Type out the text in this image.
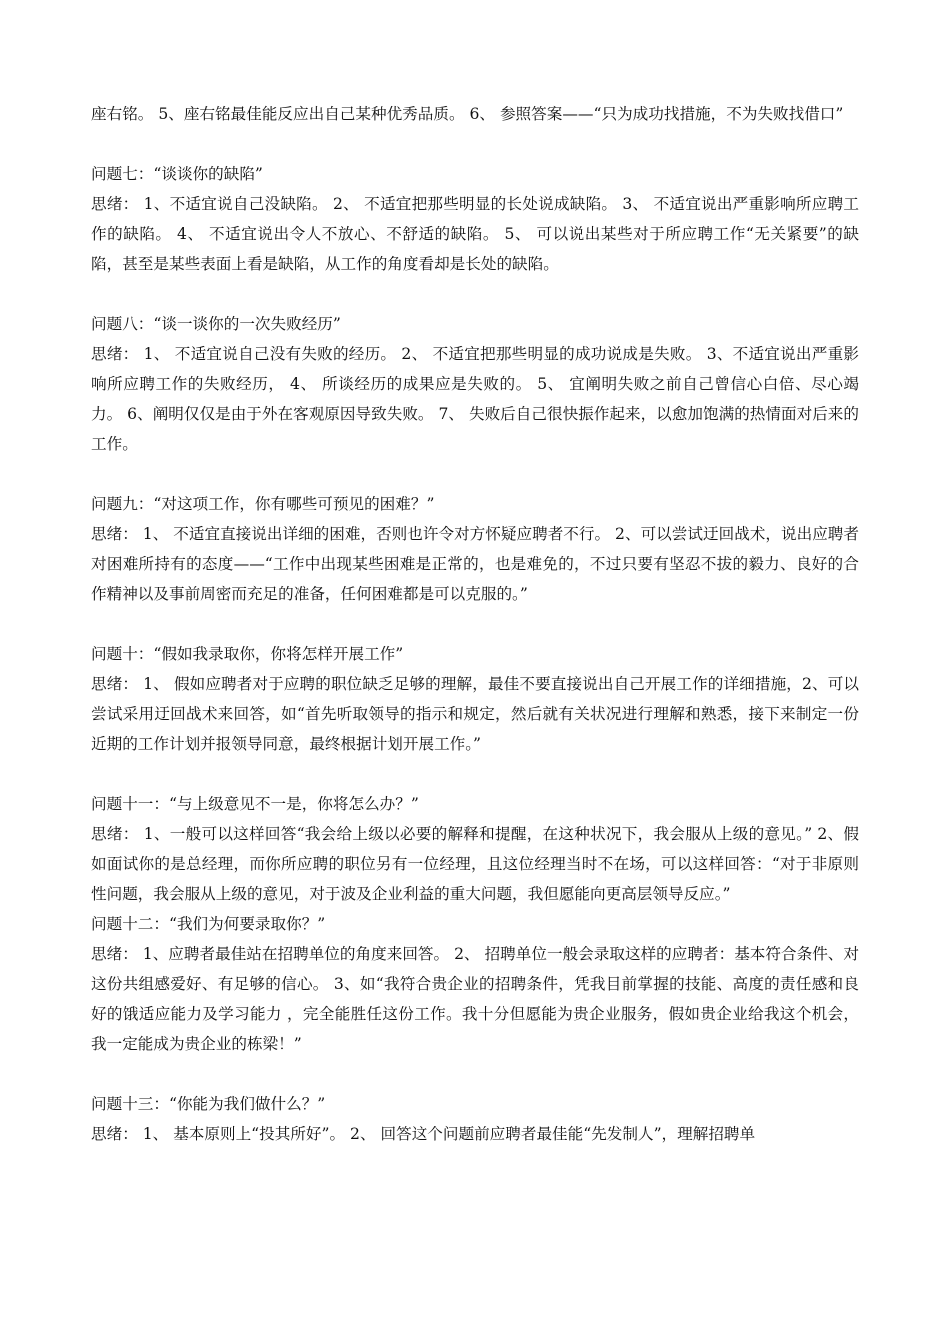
座右铭。 5、座右铭最佳能反应出自己某种优秀品质。 6、 参照答案——“只为成功找措施，不为失败找借口”

问题七：“谈谈你的缺陷”

思绪： 1、不适宜说自己没缺陷。 2、 不适宜把那些明显的长处说成缺陷。 3、 不适宜说出严重影响所应聘工作的缺陷。 4、 不适宜说出令人不放心、不舒适的缺陷。 5、 可以说出某些对于所应聘工作“无关紧要”的缺陷，甚至是某些表面上看是缺陷，从工作的角度看却是长处的缺陷。

问题八：“谈一谈你的一次失败经历”

思绪： 1、 不适宜说自己没有失败的经历。 2、 不适宜把那些明显的成功说成是失败。 3、不适宜说出严重影响所应聘工作的失败经历， 4、 所谈经历的成果应是失败的。 5、 宜阐明失败之前自己曾信心白倍、尽心竭力。 6、阐明仅仅是由于外在客观原因导致失败。 7、 失败后自己很快振作起来，以愈加饱满的热情面对后来的工作。

问题九：“对这项工作，你有哪些可预见的困难？”

思绪： 1、 不适宜直接说出详细的困难，否则也许令对方怀疑应聘者不行。 2、可以尝试迂回战术，说出应聘者对困难所持有的态度——“工作中出现某些困难是正常的，也是难免的，不过只要有坚忍不拔的毅力、良好的合作精神以及事前周密而充足的准备，任何困难都是可以克服的。”

问题十：“假如我录取你，你将怎样开展工作”

思绪： 1、 假如应聘者对于应聘的职位缺乏足够的理解，最佳不要直接说出自己开展工作的详细措施，2、可以尝试采用迂回战术来回答，如“首先听取领导的指示和规定，然后就有关状况进行理解和熟悉，接下来制定一份近期的工作计划并报领导同意，最终根据计划开展工作。”

问题十一：“与上级意见不一是，你将怎么办？”

思绪： 1、一般可以这样回答“我会给上级以必要的解释和提醒，在这种状况下，我会服从上级的意见。” 2、假如面试你的是总经理，而你所应聘的职位另有一位经理，且这位经理当时不在场，可以这样回答：“对于非原则性问题，我会服从上级的意见，对于波及企业利益的重大问题，我但愿能向更高层领导反应。”

问题十二：“我们为何要录取你？”

思绪： 1、应聘者最佳站在招聘单位的角度来回答。 2、 招聘单位一般会录取这样的应聘者：基本符合条件、对这份共组感爱好、有足够的信心。 3、如“我符合贵企业的招聘条件，凭我目前掌握的技能、高度的责任感和良好的饿适应能力及学习能力 ，完全能胜任这份工作。我十分但愿能为贵企业服务，假如贵企业给我这个机会，我一定能成为贵企业的栋梁！”

问题十三：“你能为我们做什么？”

思绪： 1、 基本原则上“投其所好”。 2、 回答这个问题前应聘者最佳能“先发制人”，理解招聘单
